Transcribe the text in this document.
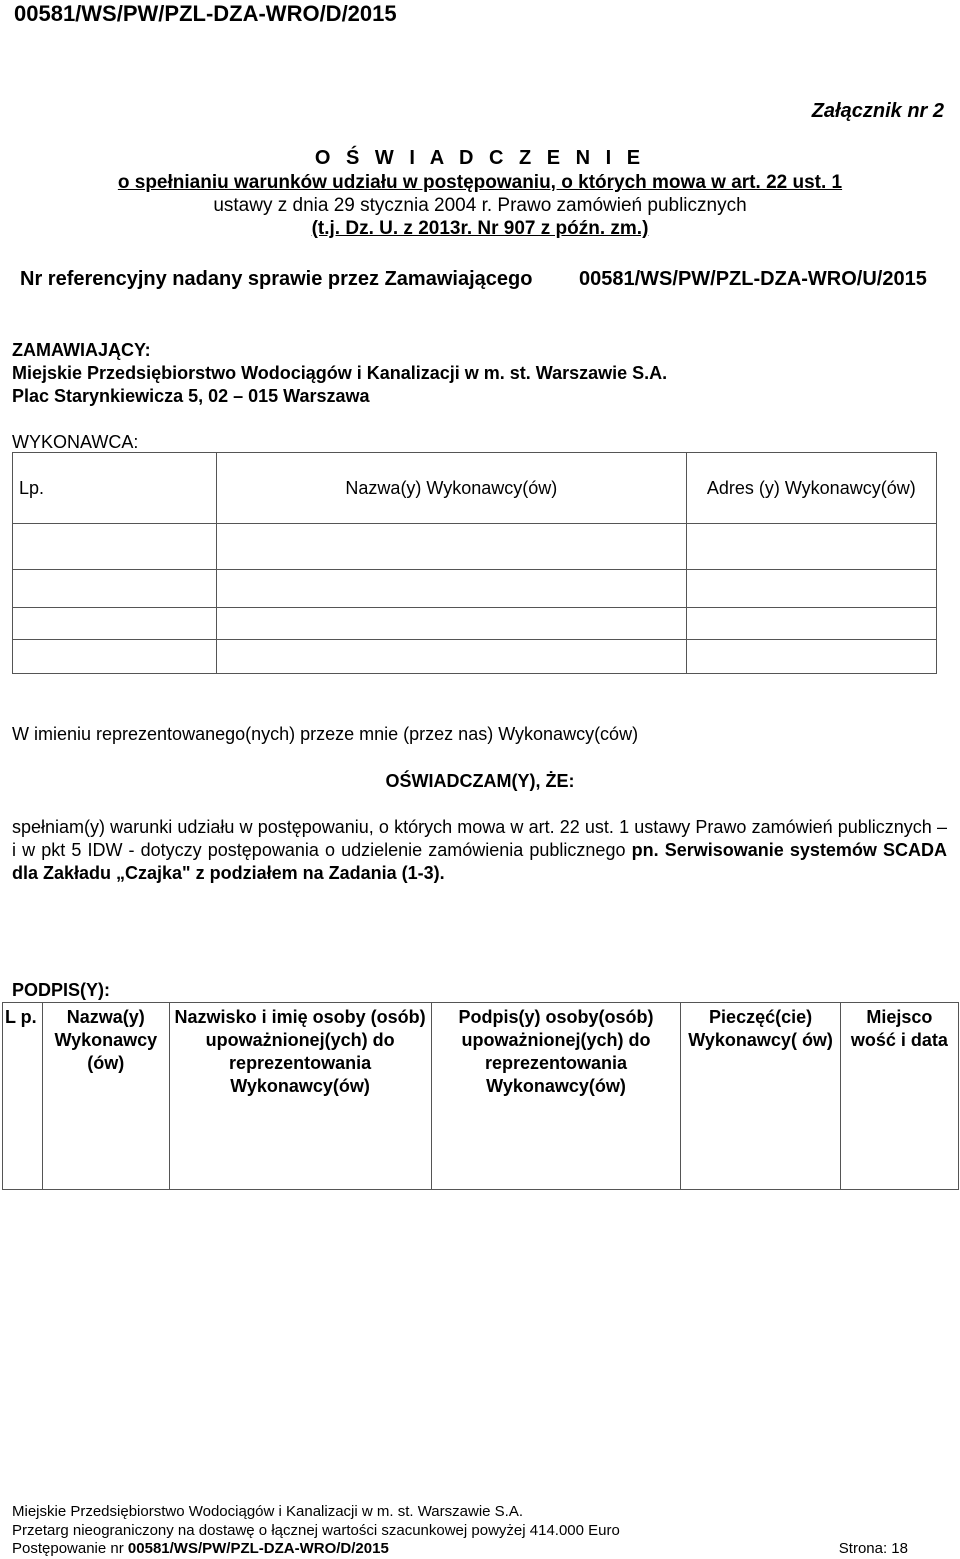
00581/WS/PW/PZL-DZA-WRO/D/2015
Załącznik nr 2
O Ś W I A D C Z E N I E
o spełnianiu warunków udziału w postępowaniu, o których mowa w art. 22 ust. 1
ustawy z dnia 29 stycznia 2004 r. Prawo zamówień publicznych
(t.j. Dz. U. z 2013r. Nr 907 z późn. zm.)
Nr referencyjny nadany sprawie przez Zamawiającego 00581/WS/PW/PZL-DZA-WRO/U/2015
ZAMAWIAJĄCY:
Miejskie Przedsiębiorstwo Wodociągów i Kanalizacji w m. st. Warszawie S.A.
Plac Starynkiewicza 5, 02 – 015 Warszawa
WYKONAWCA:
Lp.	Nazwa(y) Wykonawcy(ów)	Adres (y) Wykonawcy(ów)

W imieniu reprezentowanego(nych) przeze mnie (przez nas) Wykonawcy(ców)
OŚWIADCZAM(Y), ŻE:
spełniam(y) warunki udziału w postępowaniu, o których mowa w art. 22 ust. 1 ustawy Prawo zamówień publicznych – i w pkt 5 IDW - dotyczy postępowania o udzielenie zamówienia publicznego pn. Serwisowanie systemów SCADA dla Zakładu „Czajka" z podziałem na Zadania (1-3).
PODPIS(Y):
L p.	Nazwa(y) Wykonawcy (ów)	Nazwisko i imię osoby (osób) upoważnionej(ych) do reprezentowania Wykonawcy(ów)	Podpis(y) osoby(osób) upoważnionej(ych) do reprezentowania Wykonawcy(ów)	Pieczęć(cie) Wykonawcy( ów)	Miejsco wość i data
Miejskie Przedsiębiorstwo Wodociągów i Kanalizacji w m. st. Warszawie S.A.
Przetarg nieograniczony na dostawę o łącznej wartości szacunkowej powyżej 414.000 Euro
Postępowanie nr 00581/WS/PW/PZL-DZA-WRO/D/2015	Strona: 18
